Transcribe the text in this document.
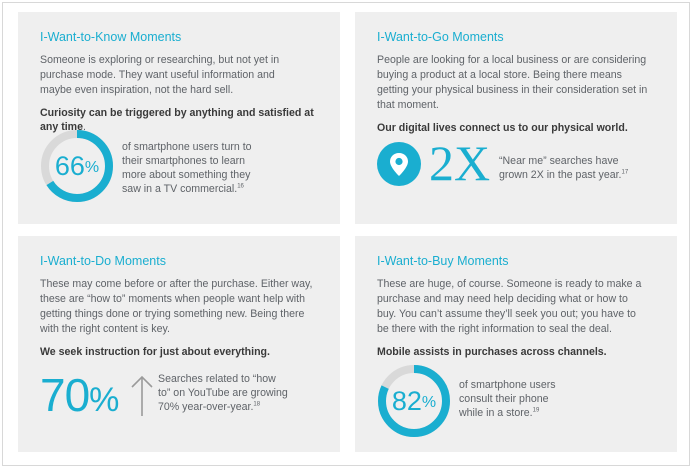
I-Want-to-Know Moments

Someone is exploring or researching, but not yet in purchase mode. They want useful information and maybe even inspiration, not the hard sell.

Curiosity can be triggered by anything and satisfied at any time.

66 %
of smartphone users turn to their smartphones to learn more about something they saw in a TV commercial.$^{16}$
I-Want-to-Go Moments

People are looking for a local business or are considering buying a product at a local store. Being there means getting your physical business in their consideration set in that moment.

Our digital lives connect us to our physical world.

2X “Near me” searches have grown 2X in the past year.$^{17}$
I-Want-to-Do Moments

These may come before or after the purchase. Either way, these are “how to” moments when people want help with getting things done or trying something new. Being there with the right content is key.

We seek instruction for just about everything.

70%
Searches related to “how to” on YouTube are growing 70% year-over-year.$^{18}$
I-Want-to-Buy Moments

These are huge, of course. Someone is ready to make a purchase and may need help deciding what or how to buy. You can’t assume they’ll seek you out; you have to be there with the right information to seal the deal.

Mobile assists in purchases across channels.

82 %
of smartphone users consult their phone while in a store.$^{19}$
